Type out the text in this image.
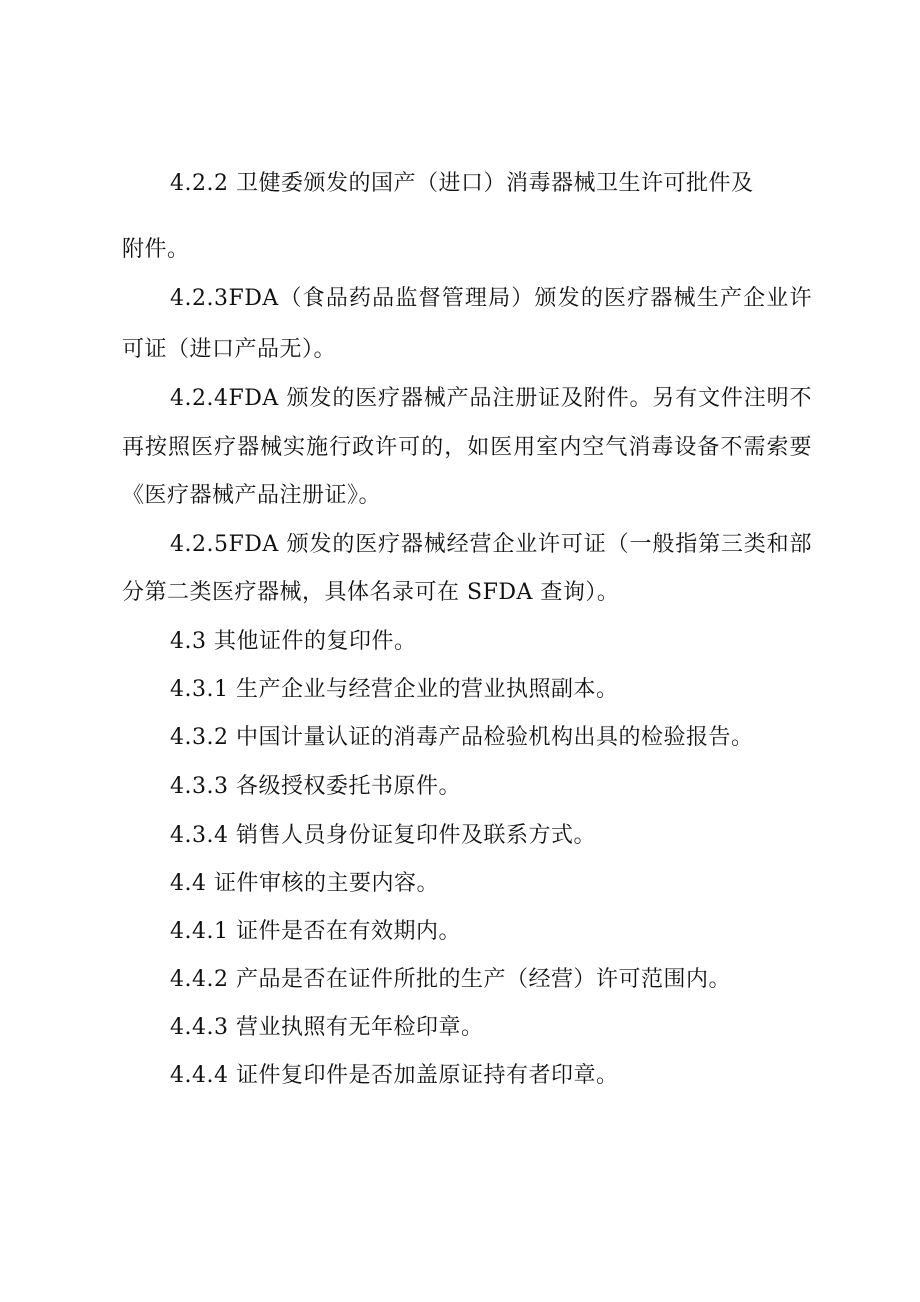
4.2.2 卫健委颁发的国产（进口）消毒器械卫生许可批件及
附件。
4.2.3FDA（食品药品监督管理局）颁发的医疗器械生产企业许
可证（进口产品无）。
4.2.4FDA 颁发的医疗器械产品注册证及附件。另有文件注明不
再按照医疗器械实施行政许可的，如医用室内空气消毒设备不需索要
《医疗器械产品注册证》。
4.2.5FDA 颁发的医疗器械经营企业许可证（一般指第三类和部
分第二类医疗器械，具体名录可在 SFDA 查询）。
4.3 其他证件的复印件。
4.3.1 生产企业与经营企业的营业执照副本。
4.3.2 中国计量认证的消毒产品检验机构出具的检验报告。
4.3.3 各级授权委托书原件。
4.3.4 销售人员身份证复印件及联系方式。
4.4 证件审核的主要内容。
4.4.1 证件是否在有效期内。
4.4.2 产品是否在证件所批的生产（经营）许可范围内。
4.4.3 营业执照有无年检印章。
4.4.4 证件复印件是否加盖原证持有者印章。
